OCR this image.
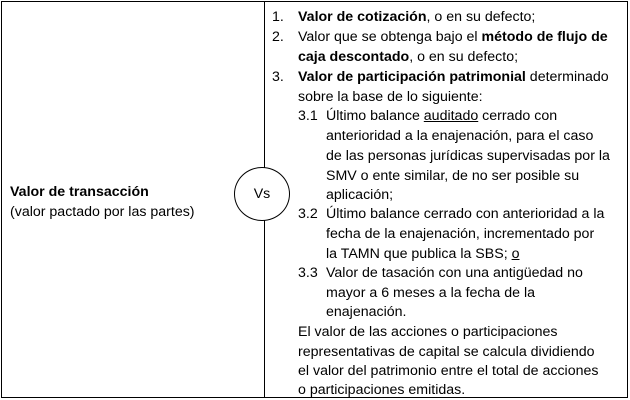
Valor de transacción
(valor pactado por las partes)
1. Valor de cotización, o en su defecto;
2. Valor que se obtenga bajo el método de flujo de
caja descontado, o en su defecto;
3. Valor de participación patrimonial determinado
sobre la base de lo siguiente:
3.1 Último balance auditado cerrado con
anterioridad a la enajenación, para el caso
de las personas jurídicas supervisadas por la
SMV o ente similar, de no ser posible su
aplicación;
3.2 Último balance cerrado con anterioridad a la
fecha de la enajenación, incrementado por
la TAMN que publica la SBS; o
3.3 Valor de tasación con una antigüedad no
mayor a 6 meses a la fecha de la
enajenación.
El valor de las acciones o participaciones
representativas de capital se calcula dividiendo
el valor del patrimonio entre el total de acciones
o participaciones emitidas.
Vs
